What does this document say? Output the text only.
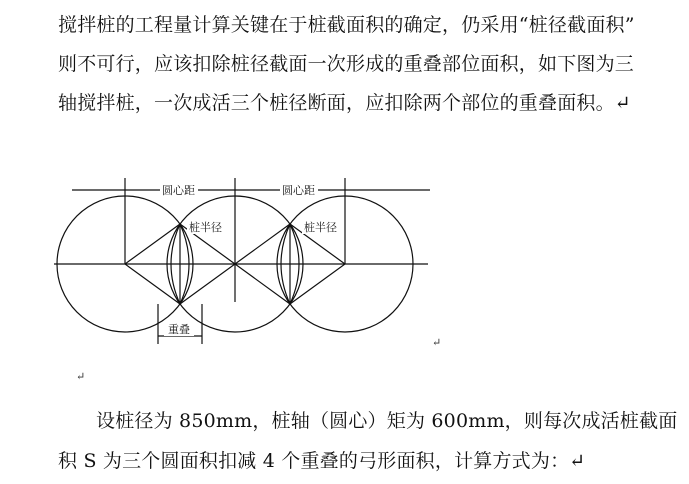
搅拌桩的工程量计算关键在于桩截面积的确定，仍采用“桩径截面积”
则不可行，应该扣除桩径截面一次形成的重叠部位面积，如下图为三
轴搅拌桩，一次成活三个桩径断面，应扣除两个部位的重叠面积。↵
圆心距	圆心距
桩半径	桩半径
重叠
↵
↵
设桩径为 850mm，桩轴（圆心）矩为 600mm，则每次成活桩截面
积 S 为三个圆面积扣减 4 个重叠的弓形面积，计算方式为：↵
